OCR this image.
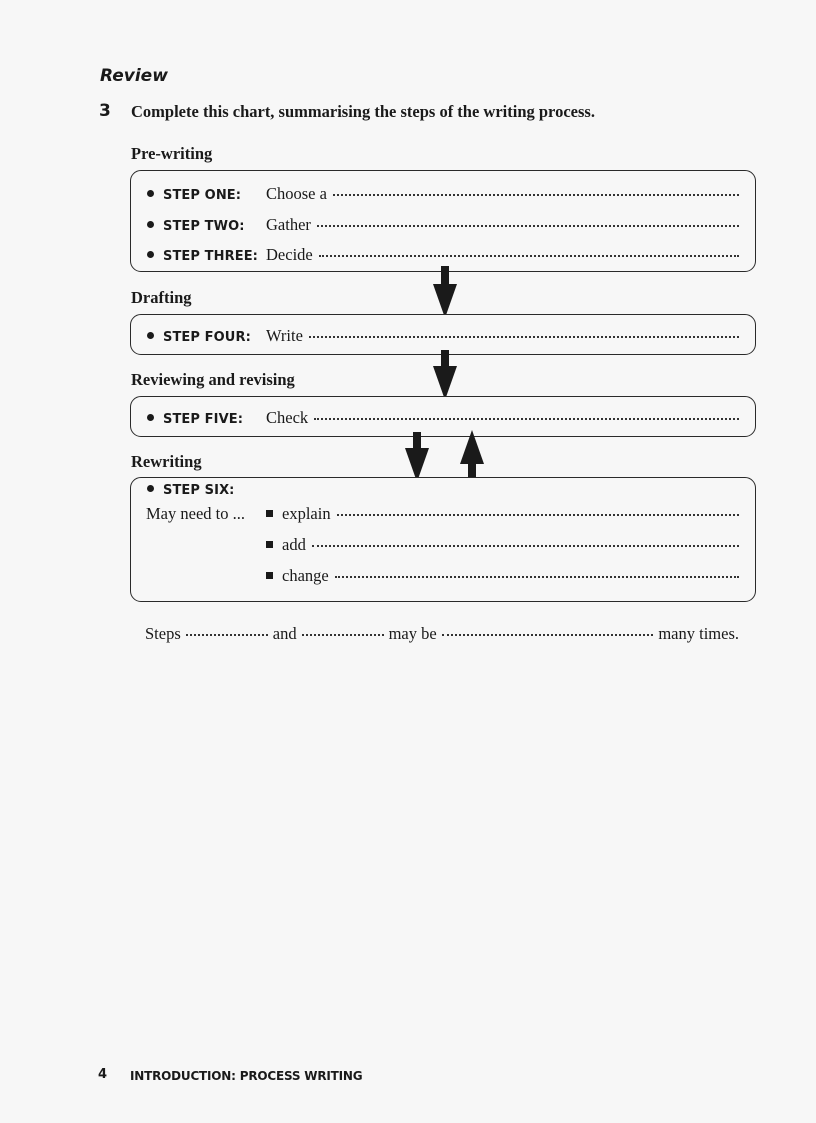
Review
3 Complete this chart, summarising the steps of the writing process.
Pre-writing
STEP ONE:	Choose a
STEP TWO:	Gather
STEP THREE: Decide
Drafting
STEP FOUR: Write
Reviewing and revising
STEP FIVE:	Check
Rewriting
STEP SIX:
May need to ... explain
add
change
Steps	and	may be	many times.
4 INTRODUCTION: PROCESS WRITING
